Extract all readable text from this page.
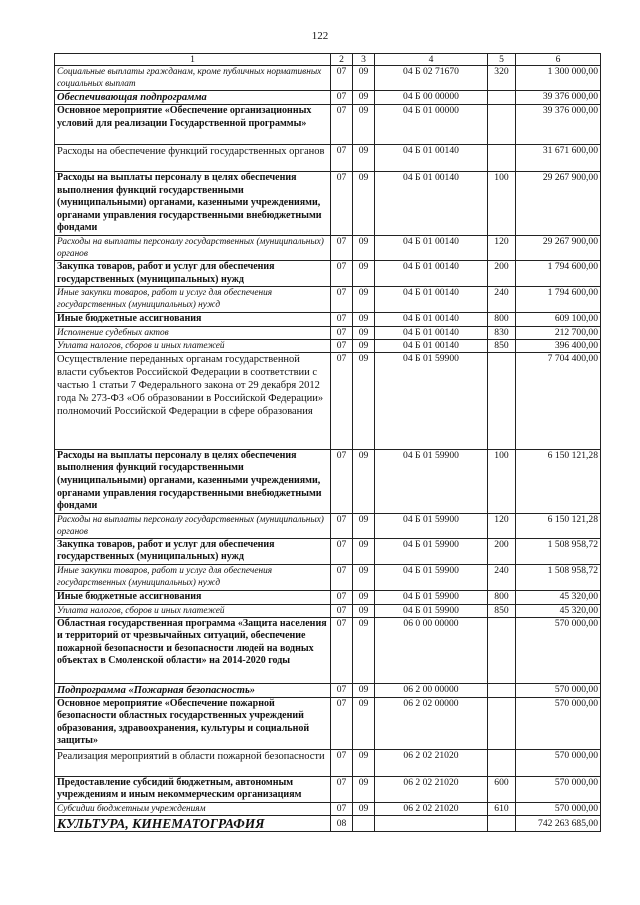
122
1	2	3	4	5	6
Социальные выплаты гражданам, кроме публичных нормативных социальных выплат	07	09	04 Б 02 71670	320	1 300 000,00
Обеспечивающая подпрограмма	07	09	04 Б 00 00000		39 376 000,00
Основное мероприятие «Обеспечение организационных условий для реализации Государственной программы»	07	09	04 Б 01 00000		39 376 000,00
Расходы на обеспечение функций государственных органов	07	09	04 Б 01 00140		31 671 600,00
Расходы на выплаты персоналу в целях обеспечения выполнения функций государственными (муниципальными) органами, казенными учреждениями, органами управления государственными внебюджетными фондами	07	09	04 Б 01 00140	100	29 267 900,00
Расходы на выплаты персоналу государственных (муниципальных) органов	07	09	04 Б 01 00140	120	29 267 900,00
Закупка товаров, работ и услуг для обеспечения государственных (муниципальных) нужд	07	09	04 Б 01 00140	200	1 794 600,00
Иные закупки товаров, работ и услуг для обеспечения государственных (муниципальных) нужд	07	09	04 Б 01 00140	240	1 794 600,00
Иные бюджетные ассигнования	07	09	04 Б 01 00140	800	609 100,00
Исполнение судебных актов	07	09	04 Б 01 00140	830	212 700,00
Уплата налогов, сборов и иных платежей	07	09	04 Б 01 00140	850	396 400,00
Осуществление переданных органам государственной власти субъектов Российской Федерации в соответствии с частью 1 статьи 7 Федерального закона от 29 декабря 2012 года № 273-ФЗ «Об образовании в Российской Федерации» полномочий Российской Федерации в сфере образования	07	09	04 Б 01 59900		7 704 400,00
Расходы на выплаты персоналу в целях обеспечения выполнения функций государственными (муниципальными) органами, казенными учреждениями, органами управления государственными внебюджетными фондами	07	09	04 Б 01 59900	100	6 150 121,28
Расходы на выплаты персоналу государственных (муниципальных) органов	07	09	04 Б 01 59900	120	6 150 121,28
Закупка товаров, работ и услуг для обеспечения государственных (муниципальных) нужд	07	09	04 Б 01 59900	200	1 508 958,72
Иные закупки товаров, работ и услуг для обеспечения государственных (муниципальных) нужд	07	09	04 Б 01 59900	240	1 508 958,72
Иные бюджетные ассигнования	07	09	04 Б 01 59900	800	45 320,00
Уплата налогов, сборов и иных платежей	07	09	04 Б 01 59900	850	45 320,00
Областная государственная программа «Защита населения и территорий от чрезвычайных ситуаций, обеспечение пожарной безопасности и безопасности людей на водных объектах в Смоленской области» на 2014-2020 годы	07	09	06 0 00 00000		570 000,00
Подпрограмма «Пожарная безопасность»	07	09	06 2 00 00000		570 000,00
Основное мероприятие «Обеспечение пожарной безопасности областных государственных учреждений образования, здравоохранения, культуры и социальной защиты»	07	09	06 2 02 00000		570 000,00
Реализация мероприятий в области пожарной безопасности	07	09	06 2 02 21020		570 000,00
Предоставление субсидий бюджетным, автономным учреждениям и иным некоммерческим организациям	07	09	06 2 02 21020	600	570 000,00
Субсидии бюджетным учреждениям	07	09	06 2 02 21020	610	570 000,00
КУЛЬТУРА, КИНЕМАТОГРАФИЯ	08				742 263 685,00
